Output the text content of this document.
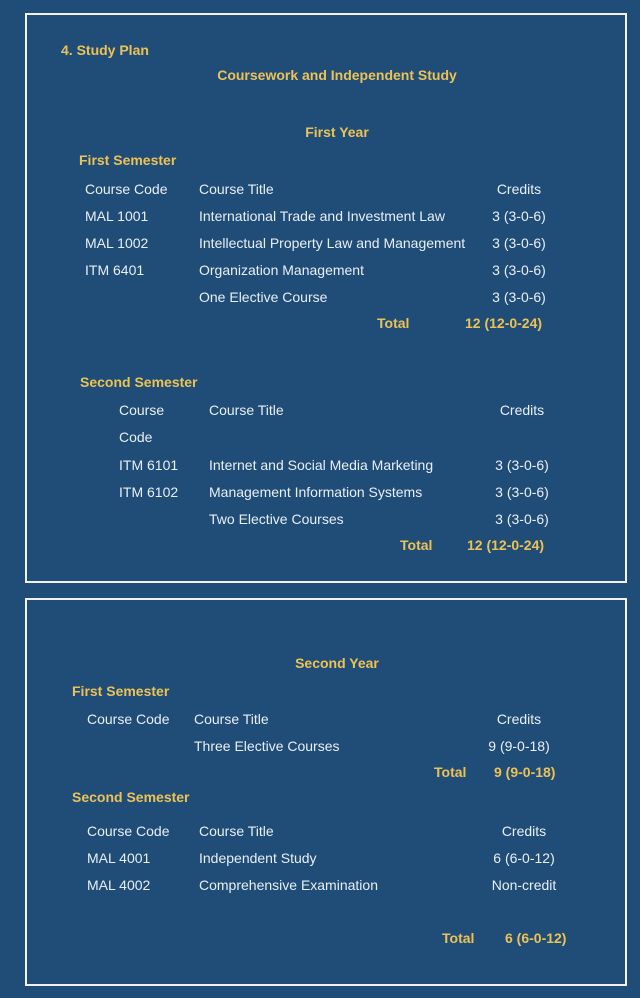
4. Study Plan
Coursework and Independent Study
First Year
First Semester
Course Code	Course Title	Credits
MAL 1001	International Trade and Investment Law	3 (3-0-6)
MAL 1002	Intellectual Property Law and Management	3 (3-0-6)
ITM 6401	Organization Management	3 (3-0-6)
One Elective Course	3 (3-0-6)
Total	12 (12-0-24)
Second Semester
Course
Code
Course Title	Credits
ITM 6101	Internet and Social Media Marketing	3 (3-0-6)
ITM 6102	Management Information Systems	3 (3-0-6)
Two Elective Courses	3 (3-0-6)
Total 12 (12-0-24)
Second Year
First Semester
Course Code	Course Title	Credits
Three Elective Courses	9 (9-0-18)
Total 9 (9-0-18)
Second Semester
Course Code	Course Title	Credits
MAL 4001	Independent Study	6 (6-0-12)
MAL 4002	Comprehensive Examination	Non-credit
Total 6 (6-0-12)
